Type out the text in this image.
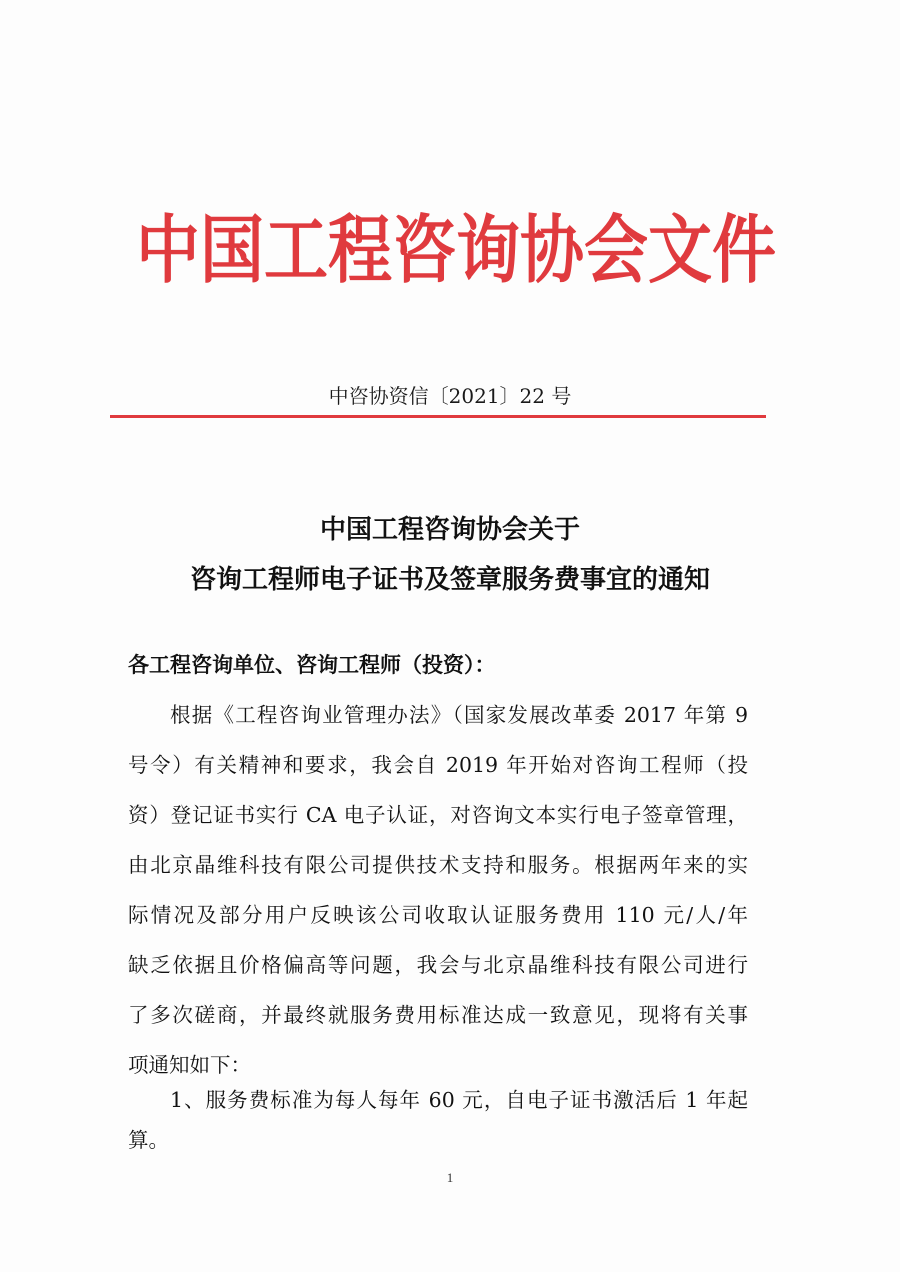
中国工程咨询协会文件
中咨协资信〔2021〕22 号
中国工程咨询协会关于
咨询工程师电子证书及签章服务费事宜的通知
各工程咨询单位、咨询工程师（投资）：
根据《工程咨询业管理办法》（国家发展改革委 2017 年第 9
号令）有关精神和要求，我会自 2019 年开始对咨询工程师（投
资）登记证书实行 CA 电子认证，对咨询文本实行电子签章管理，
由北京晶维科技有限公司提供技术支持和服务。根据两年来的实
际情况及部分用户反映该公司收取认证服务费用 110 元/人/年
缺乏依据且价格偏高等问题，我会与北京晶维科技有限公司进行
了多次磋商，并最终就服务费用标准达成一致意见，现将有关事
项通知如下：
1、服务费标准为每人每年 60 元，自电子证书激活后 1 年起
算。
1
